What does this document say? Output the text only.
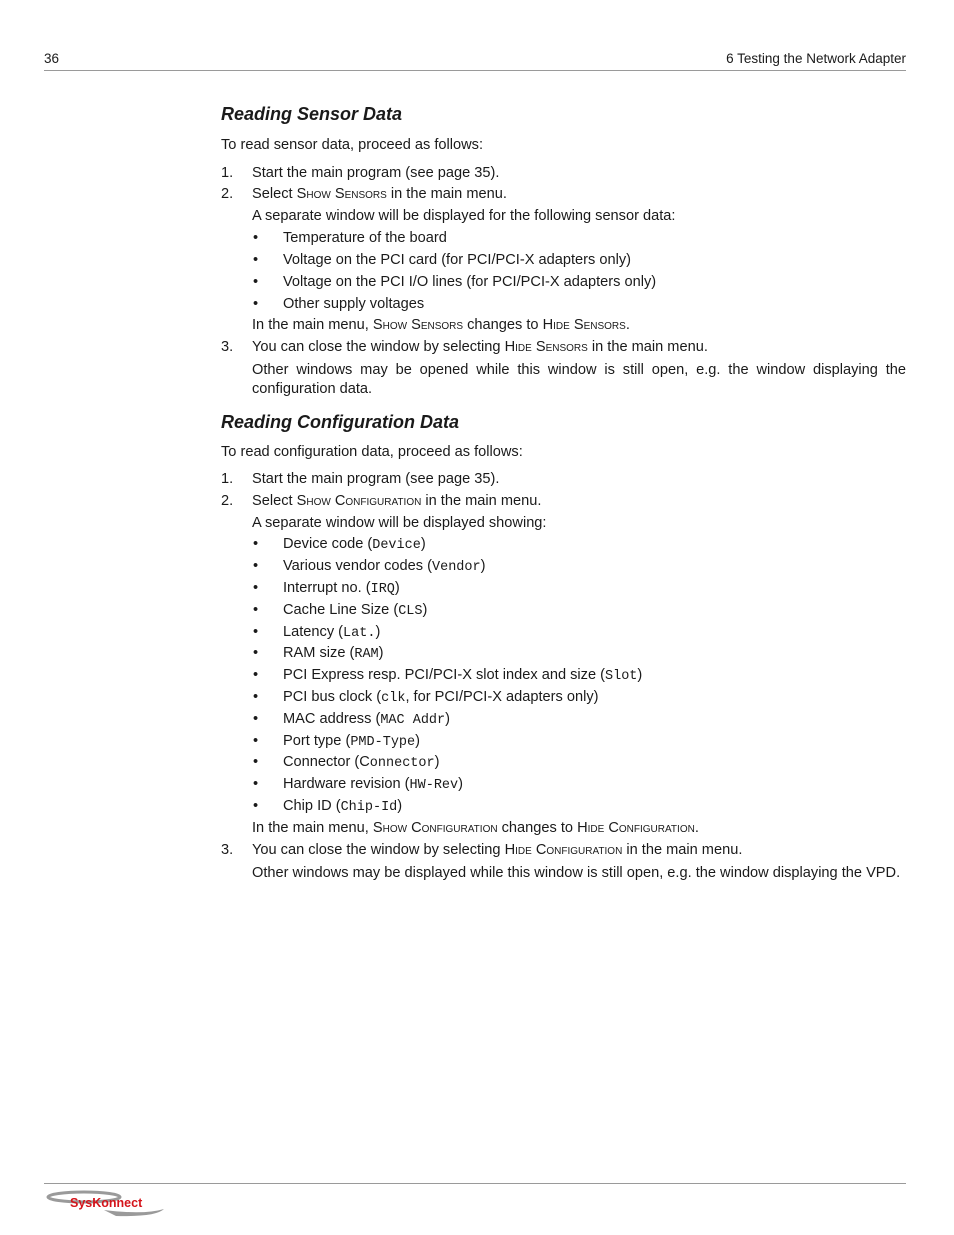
36	6 Testing the Network Adapter
Reading Sensor Data
To read sensor data, proceed as follows:
1. Start the main program (see page 35).
2. Select Show Sensors in the main menu.
A separate window will be displayed for the following sensor data:
• Temperature of the board
• Voltage on the PCI card (for PCI/PCI-X adapters only)
• Voltage on the PCI I/O lines (for PCI/PCI-X adapters only)
• Other supply voltages
In the main menu, Show Sensors changes to Hide Sensors.
3. You can close the window by selecting Hide Sensors in the main menu.
Other windows may be opened while this window is still open, e.g. the window displaying the configuration data.
Reading Configuration Data
To read configuration data, proceed as follows:
1. Start the main program (see page 35).
2. Select Show Configuration in the main menu.
A separate window will be displayed showing:
• Device code (Device)
• Various vendor codes (Vendor)
• Interrupt no. (IRQ)
• Cache Line Size (CLS)
• Latency (Lat.)
• RAM size (RAM)
• PCI Express resp. PCI/PCI-X slot index and size (Slot)
• PCI bus clock (clk, for PCI/PCI-X adapters only)
• MAC address (MAC Addr)
• Port type (PMD-Type)
• Connector (Connector)
• Hardware revision (HW-Rev)
• Chip ID (Chip-Id)
In the main menu, Show Configuration changes to Hide Configuration.
3. You can close the window by selecting Hide Configuration in the main menu.
Other windows may be displayed while this window is still open, e.g. the window displaying the VPD.
SysKonnect
